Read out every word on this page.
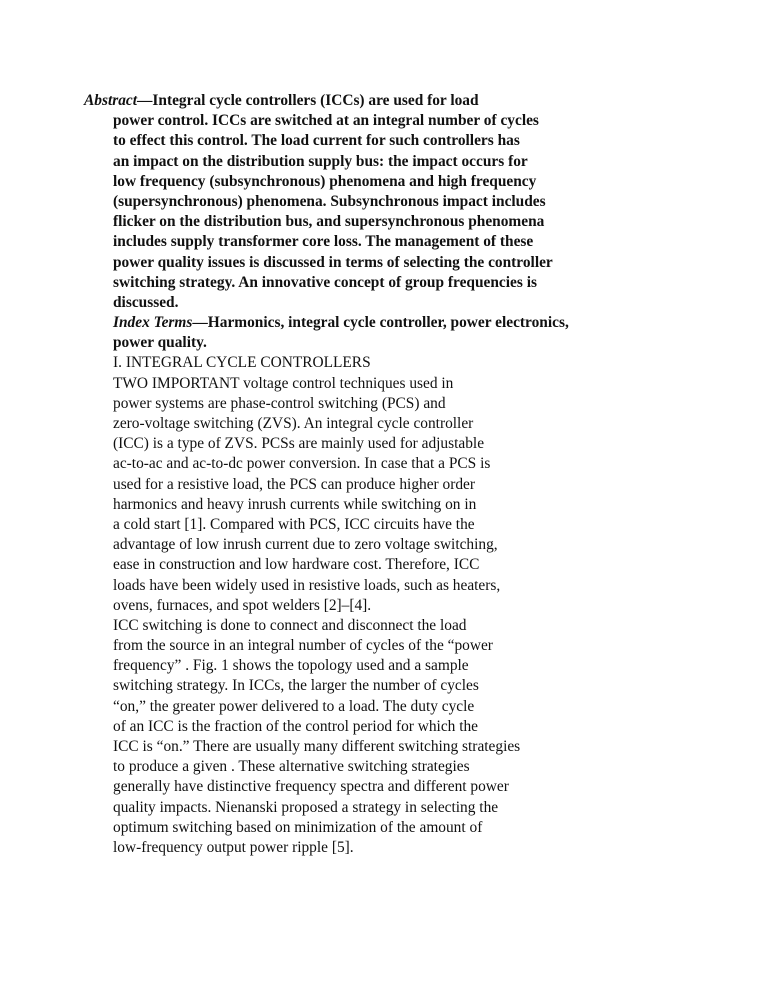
Abstract—Integral cycle controllers (ICCs) are used for load
power control. ICCs are switched at an integral number of cycles
to effect this control. The load current for such controllers has
an impact on the distribution supply bus: the impact occurs for
low frequency (subsynchronous) phenomena and high frequency
(supersynchronous) phenomena. Subsynchronous impact includes
flicker on the distribution bus, and supersynchronous phenomena
includes supply transformer core loss. The management of these
power quality issues is discussed in terms of selecting the controller
switching strategy. An innovative concept of group frequencies is
discussed.
Index Terms—Harmonics, integral cycle controller, power electronics,
power quality.
I. INTEGRAL CYCLE CONTROLLERS
TWO IMPORTANT voltage control techniques used in
power systems are phase-control switching (PCS) and
zero-voltage switching (ZVS). An integral cycle controller
(ICC) is a type of ZVS. PCSs are mainly used for adjustable
ac-to-ac and ac-to-dc power conversion. In case that a PCS is
used for a resistive load, the PCS can produce higher order
harmonics and heavy inrush currents while switching on in
a cold start [1]. Compared with PCS, ICC circuits have the
advantage of low inrush current due to zero voltage switching,
ease in construction and low hardware cost. Therefore, ICC
loads have been widely used in resistive loads, such as heaters,
ovens, furnaces, and spot welders [2]–[4].
ICC switching is done to connect and disconnect the load
from the source in an integral number of cycles of the “power
frequency” . Fig. 1 shows the topology used and a sample
switching strategy. In ICCs, the larger the number of cycles
“on,” the greater power delivered to a load. The duty cycle
of an ICC is the fraction of the control period for which the
ICC is “on.” There are usually many different switching strategies
to produce a given . These alternative switching strategies
generally have distinctive frequency spectra and different power
quality impacts. Nienanski proposed a strategy in selecting the
optimum switching based on minimization of the amount of
low-frequency output power ripple [5].
